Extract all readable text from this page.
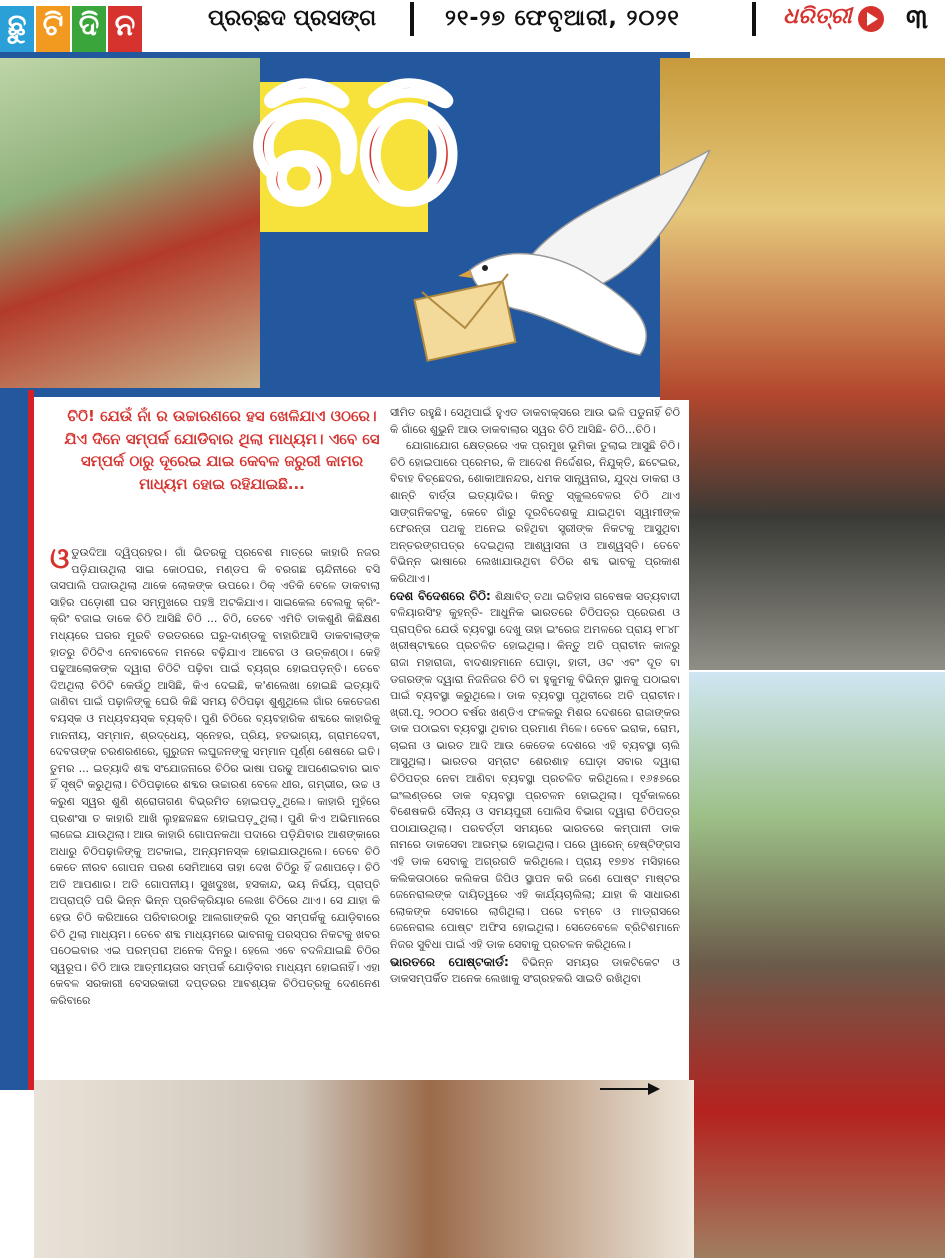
ଛୁ ଟି ଦି ନ	ପ୍ରଚ୍ଛଦ ପ୍ରସଙ୍ଗ	୨୧-୨୭ ଫେବୃଆରୀ, ୨୦୨୧	ଧରିତ୍ରୀ ୩
ଚିଠି
ଚିଠି! ଯେଉଁ ନାଁ ର ଉଚ୍ଚାରଣରେ ହସ ଖେଳିଯାଏ ଓଠରେ। ଯିଏ ଦିନେ ସମ୍ପର୍କ ଯୋଡିବାର ଥିଲା ମାଧ୍ୟମ। ଏବେ ସେ ସମ୍ପର୍କ ଠାରୁ ଦୂରେଇ ଯାଇ କେବଳ ଜରୁରୀ କାମର ମାଧ୍ୟମ ହୋଇ ରହିଯାଇଛି...
ଓଡୁଉଦିଆ ଦ୍ୱିପ୍ରହର। ଗାଁ ଭିତରକୁ ପ୍ରବେଶ ମାତ୍ରେ କାହାରି ନଜର ପଡ଼ିଯାଉଥିଲା ସାଇ କୋଠଘର, ମଣ୍ଡପ କି ବରଗଛ ଚାନ୍ଦିନୀରେ ବସି ତାସପାଲି ପଜାଉଥିଲା ଥାକେ ଲୋକଙ୍କ ଉପରେ। ଠିକ୍ ଏତିକି ବେଳେ ଡାକବାଲା ସାହିର ପଡ଼ୋଶୀ ଘର ସମ୍ମୁଖରେ ପହଞ୍ଚି ଅଟକିଯାଏ। ସାଇକେଲ ବେଲକୁ କ୍ରିଂ-କ୍ରିଂ ବଜାଇ ଡାକେ ଚିଠି ଆସିଛି ଚିଠି ... ଚିଠି, ତେବେ ଏମିତି ଡାକଶୁଣି କିଛିକ୍ଷଣ ମଧ୍ୟରେ ଘରର ମୁରବି ତରତରରେ ଘରୁ-ଦାଣ୍ଡକୁ ବାହାରିଆସି ଡାକବାଲାଙ୍କ ହାତରୁ ଚିଠିଟିଏ ନେବାବେଳେ ମନରେ ବଢ଼ିଯାଏ ଆବେଗ ଓ ଉତ୍କଣ୍ଠା। କେହି ପଢୁଆଲୋକଙ୍କ ଦ୍ୱାରା ଚିଠିଟି ପଢ଼ିବା ପାଇଁ ବ୍ୟଗ୍ର ହୋଇପଡ଼ନ୍ତି। ତେବେ ଦିଅଥିଲା ଚିଠିଟି କେଉଁଠୁ ଆସିଛି, କିଏ ଦେଇଛି, କ'ଣଲେଖା ହୋଇଛି ଇତ୍ୟାଦି ଜାଣିବା ପାଇଁ ପଢ଼ାଳିଙ୍କୁ ଘେରି କିଛି ସମୟ ଚିଠିପଢ଼ା ଶୁଣୁଥିଲେ ଗାଁର କେତେଜଣ ବୟସ୍କ ଓ ମଧ୍ୟବୟସ୍କ ବ୍ୟକ୍ତି। ପୁଣି ଚିଠିରେ ବ୍ୟବହାରିକ ଶବ୍ଦରେ କାହାରିକୁ ମାନନୀୟ, ସମ୍ମାନ, ଶ୍ରଦ୍ଧେୟ, ସ୍ନେହର, ପ୍ରିୟ, ହତଭାଗ୍ୟ, ଗ୍ରାମଦେବୀ, ଦେବତାଙ୍କ ଚରଣରଣରେ, ଗୁରୁଜନ ଲଘୁଜନଙ୍କୁ ସମ୍ମାନ ପୂର୍ଣ୍ଣ ଶେଷରେ ଇତି। ତୁମର ... ଇତ୍ୟାଦି ଶବ୍ଦ ସଂଯୋଜନାରେ ଚିଠିର ଭାଷା ପରଢୁ ଆପଣେଇବାର ଭାବ ହିଁ ସୃଷ୍ଟି କରୁଥିଲା। ଚିଠିପଢ଼ାରେ ଶବ୍ଦର ଉଚ୍ଚାରଣ ବେଳେ ଧୀର, ଗମ୍ଭୀର, ଉଚ୍ଚ ଓ କରୁଣ ସ୍ୱର ଶୁଣି ଶ୍ରୋତାଗଣ ବିଭ୍ରମିତ ହୋଇପଡ଼ୁଥିଲେ। କାହାରି ମୁହଁରେ ପ୍ରଶଂସା ତ କାହାରି ଆଖି ଲୁହଛଳଛଳ ହୋଇପଡ଼ୁଥିଲା। ପୁଣି କିଏ ଅଭିମାନରେ ଲାଜେଇ ଯାଉଥିଲା। ଆଉ କାହାରି ଗୋପନକଥା ପଦାରେ ପଡ଼ିଯିବାର ଆଶଙ୍କାରେ ଅଧାରୁ ଚିଠିପଢ଼ାଳିଙ୍କୁ ଅଟକାଇ, ଅନ୍ୟମନସ୍କ ହୋଇଯାଉଥିଲେ। ତେବେ ଚିଠି କେତେ ନୀରବ ଗୋପନ ପରଶ ସେମିଆସେ ତାହା ଦେଖ ଚିଠିରୁ ହିଁ ଜଣାପଡ଼େ। ଚିଠି ଅତି ଆପଣାର। ଅତି ଗୋପନୀୟ। ସୁଖଦୁଃଖ, ହସକାନ୍ଦ, ଭୟ ନିର୍ଭୟ, ପ୍ରାପ୍ତି ଅପ୍ରାପ୍ତି ପରି ଭିନ୍ନ ଭିନ୍ନ ପ୍ରତିକ୍ରିୟାର ଲେଖା ଚିଠିରେ ଥାଏ। ସେ ଯାହା କି ହେଉ ଚିଠି କରିଆରେ ପରିବାରଠାରୁ ଆଲଗାଙ୍କରି ଦୂର ସମ୍ପର୍କକୁ ଯୋଡ଼ିବାରେ ଚିଠି ଥିଲା ମାଧ୍ୟମ। ତେବେ ଶବ୍ଦ ମାଧ୍ୟମରେ ଭାବନାକୁ ପରସ୍ପର ନିକଟକୁ ଖବର ପଠେଇବାର ଏଇ ପରମ୍ପରା ଅନେକ ଦିନରୁ। ହେଲେ ଏବେ ବଦଳିଯାଇଛି ଚିଠିର ସ୍ୱରୂପ। ଚିଠି ଆଉ ଆତ୍ମୀୟତାର ସମ୍ପର୍କ ଯୋଡ଼ିବାର ମାଧ୍ୟମ ହୋଇନାହିଁ। ଏହା କେବଳ ସରକାରୀ ବେସରକାରୀ ଦପ୍ତରର ଆବଶ୍ୟକ ଚିଠିପତ୍ରକୁ ଦେଣନେଣ କରିବାରେ
ସୀମିତ ରହୁଛି। ସେଥିପାଇଁ ହୁଏତ ଡାକବାକ୍ସରେ ଆଉ ଭଳି ପଡୁନାହିଁ ଚିଠି କି ଗାଁରେ ଶୁଭୁନି ଆଉ ଡାକବାଲାର ସ୍ୱର ଚିଠି ଆସିଛି- ଚିଠି...ଚିଠି।
ଯୋଗାଯୋଗ କ୍ଷେତ୍ରରେ ଏକ ପ୍ରମୁଖ ଭୂମିକା ତୁଲାଇ ଆସୁଛି ଚିଠି। ଚିଠି ହୋଇପାରେ ପ୍ରେମର, କି ଆଦେଶ ନିର୍ଦ୍ଦେଶର, ନିଯୁକ୍ତି, ଛଟେଇର, ବିବାହ ବିଚ୍ଛେଦର, ଶୋକାଆନନ୍ଦର, ଧମକ ସାନ୍ତ୍ୱନାର, ଯୁଦ୍ଧ ଡାକରା ଓ ଶାନ୍ତି ବାର୍ତ୍ତା ଇତ୍ୟାଦିର। କିନ୍ତୁ ସ୍କୁଲବେଳର ଚିଠି ଥାଏ ସାଙ୍ଗନିକଟକୁ, କେବେ ଗାଁରୁ ଦୂରବିଦେଶକୁ ଯାଇଥିବା ସ୍ୱାମୀଙ୍କ ଫେରନ୍ତା ପଥକୁ ଅନେଇ ରହିଥିବା ସ୍ତ୍ରୀଙ୍କ ନିକଟକୁ ଆସୁଥିବା ଅନ୍ତରଙ୍ଗପତ୍ର ଦେଇଥିଲା ଆଶ୍ୱାସନା ଓ ଆଶ୍ୱସ୍ତି। ତେବେ ବିଭିନ୍ନ ଭାଷାରେ ଲେଖାଯାଉଥିବା ଚିଠିର ଶବ୍ଦ ଭାବକୁ ପ୍ରକାଶ କରିଥାଏ।
ଦେଶ ବିଦେଶରେ ଚିଠି: ଶିକ୍ଷାବିତ୍ ତଥା ଇତିହାସ ଗବେଷକ ସତ୍ୟବାଦୀ ବଳିୟାରସିଂହ କୁହନ୍ତି- ଆଧୁନିକ ଭାରତରେ ଚିଠିପତ୍ର ପ୍ରେରଣ ଓ ପ୍ରାପ୍ତିର ଯେଉଁ ବ୍ୟବସ୍ଥା ଦେଖୁ ତାହା ଇଂରେଜ ଅମଳରେ ପ୍ରାୟ ୧୮୪୮ ଖ୍ରୀଷ୍ଟାବ୍ଦରେ ପ୍ରଚଳିତ ହୋଇଥିଲା। କିନ୍ତୁ ଅତି ପ୍ରାଚୀନ କାଳରୁ ରାଜା ମହାରାଜା, ବାଦଶାହମାନେ ଘୋଡ଼ା, ହାତୀ, ଓଟ ଏବଂ ଦୂତ ବା ଡଗରଙ୍କ ଦ୍ୱାରା ନିଜନିଜର ଚିଠି ବା ହୁକୁମକୁ ବିଭିନ୍ନ ସ୍ଥାନକୁ ପଠାଇବା ପାଇଁ ବ୍ୟବସ୍ଥା କରୁଥିଲେ। ଡାକ ବ୍ୟବସ୍ଥା ପୃଥିବୀରେ ଅତି ପ୍ରାଚୀନ। ଖ୍ରୀ.ପୂ. ୨୦୦୦ ବର୍ଷର ଖଣ୍ଡିଏ ଫଳକରୁ ମିଶର ଦେଶରେ ରାଜାଙ୍କର ଡାକ ପଠାଇବା ବ୍ୟବସ୍ଥା ଥିବାର ପ୍ରମାଣ ମିଳେ। ତେବେ ଇରାକ, ରୋମ, ଚାଇନା ଓ ଭାରତ ଆଦି ଆଉ କେତେକ ଦେଶରେ ଏହି ବ୍ୟବସ୍ଥା ଚାଲି ଆସୁଥିଲା। ଭାରତର ସମ୍ରାଟ ଶେରଶାହ ଘୋଡ଼ା ସବାର ଦ୍ୱାରା ଚିଠିପତ୍ର ନେବା ଆଣିବା ବ୍ୟବସ୍ଥା ପ୍ରଚଳିତ କରିଥିଲେ। ୧୬୫୭ରେ ଇଂଲଣ୍ଡରେ ଡାକ ବ୍ୟବସ୍ଥା ପ୍ରଚଳନ ହୋଇଥିଲା। ପୂର୍ବକାଳରେ ବିଶେଷକରି ସୈନ୍ୟ ଓ ସମୟପୁରୀ ପୋଲିସ ବିଭାଗ ଦ୍ୱାରା ଚିଠିପତ୍ର ପଠାଯାଉଥିଲା। ପରବର୍ତ୍ତୀ ସମୟରେ ଭାରତରେ କମ୍ପାନୀ ଡାକ ନାମରେ ଡାକସେବା ଆରମ୍ଭ ହୋଇଥିଲା। ପରେ ୱାରେନ୍ ହେଷ୍ଟିଙ୍ଗସ ଏହି ଡାକ ସେବାକୁ ଅଗ୍ରଗତି କରିଥିଲେ। ପ୍ରାୟ ୧୭୭୪ ମସିହାରେ କଲିକତାଠାରେ କଲିକତା ଜିପିଓ ସ୍ଥାପନ କରି ଜଣେ ପୋଷ୍ଟ ମାଷ୍ଟର ଜେନେରାଲଙ୍କ ଦାୟିତ୍ୱରେ ଏହି କାର୍ଯ୍ୟଚାଲିଲା; ଯାହା କି ସାଧାରଣ ଲୋକଙ୍କ ସେବାରେ ଲାଗିଥିଲା। ପରେ ବମ୍ବେ ଓ ମାଡ୍ରାସରେ ଜେନେରାଲ ପୋଷ୍ଟ ଅଫିସ ହୋଇଥିଲା। ସେତେବେଳେ ବ୍ରିଟିଶମାନେ ନିଜର ସୁବିଧା ପାଇଁ ଏହି ଡାକ ସେବାକୁ ପ୍ରଚଳନ କରିଥିଲେ।
ଭାରତରେ ପୋଷ୍ଟକାର୍ଡ: ବିଭିନ୍ନ ସମୟର ଡାକଟିକେଟ ଓ ଡାକସମ୍ପର୍କିତ ଅନେକ ଲେଖାକୁ ସଂଗ୍ରହକରି ସାଇତି ରଖିଥିବା
